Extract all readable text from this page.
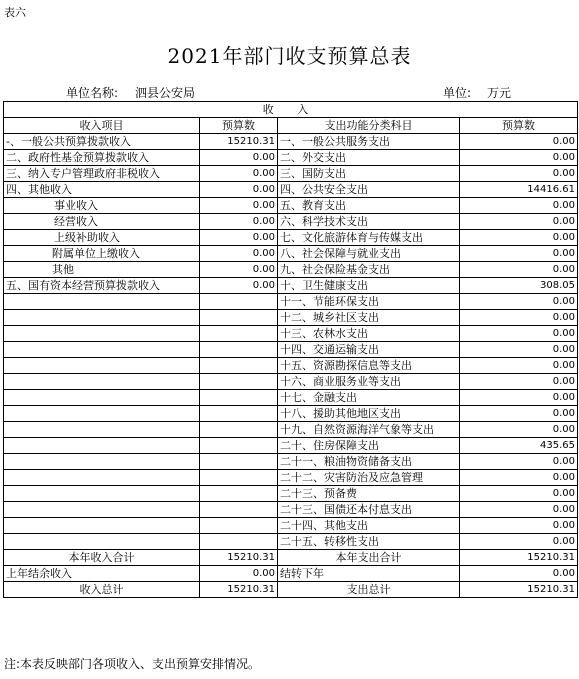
表六
2021年部门收支预算总表
单位名称: 泗县公安局	单位: 万元
收 入			
收入项目	预算数	支出功能分类科目	预算数
-、一般公共预算拨款收入	15210.31	一、一般公共服务支出	0.00
二、政府性基金预算拨款收入	0.00	二、外交支出	0.00
三、纳入专户管理政府非税收入	0.00	三、国防支出	0.00
四、其他收入	0.00	四、公共安全支出	14416.61
事业收入	0.00	五、教育支出	0.00
经营收入	0.00	六、科学技术支出	0.00
上级补助收入	0.00	七、文化旅游体育与传媒支出	0.00
附属单位上缴收入	0.00	八、社会保障与就业支出	0.00
其他	0.00	九、社会保险基金支出	0.00
五、国有资本经营预算拨款收入	0.00	十、卫生健康支出	308.05
		十一、节能环保支出	0.00
		十二、城乡社区支出	0.00
		十三、农林水支出	0.00
		十四、交通运输支出	0.00
		十五、资源勘探信息等支出	0.00
		十六、商业服务业等支出	0.00
		十七、金融支出	0.00
		十八、援助其他地区支出	0.00
		十九、自然资源海洋气象等支出	0.00
		二十、住房保障支出	435.65
		二十一、粮油物资储备支出	0.00
		二十二、灾害防治及应急管理	0.00
		二十三、预备费	0.00
		二十三、国债还本付息支出	0.00
		二十四、其他支出	0.00
		二十五、转移性支出	0.00
本年收入合计	15210.31	本年支出合计	15210.31
上年结余收入	0.00	结转下年	0.00
收入总计	15210.31	支出总计	15210.31
注:本表反映部门各项收入、支出预算安排情况。
